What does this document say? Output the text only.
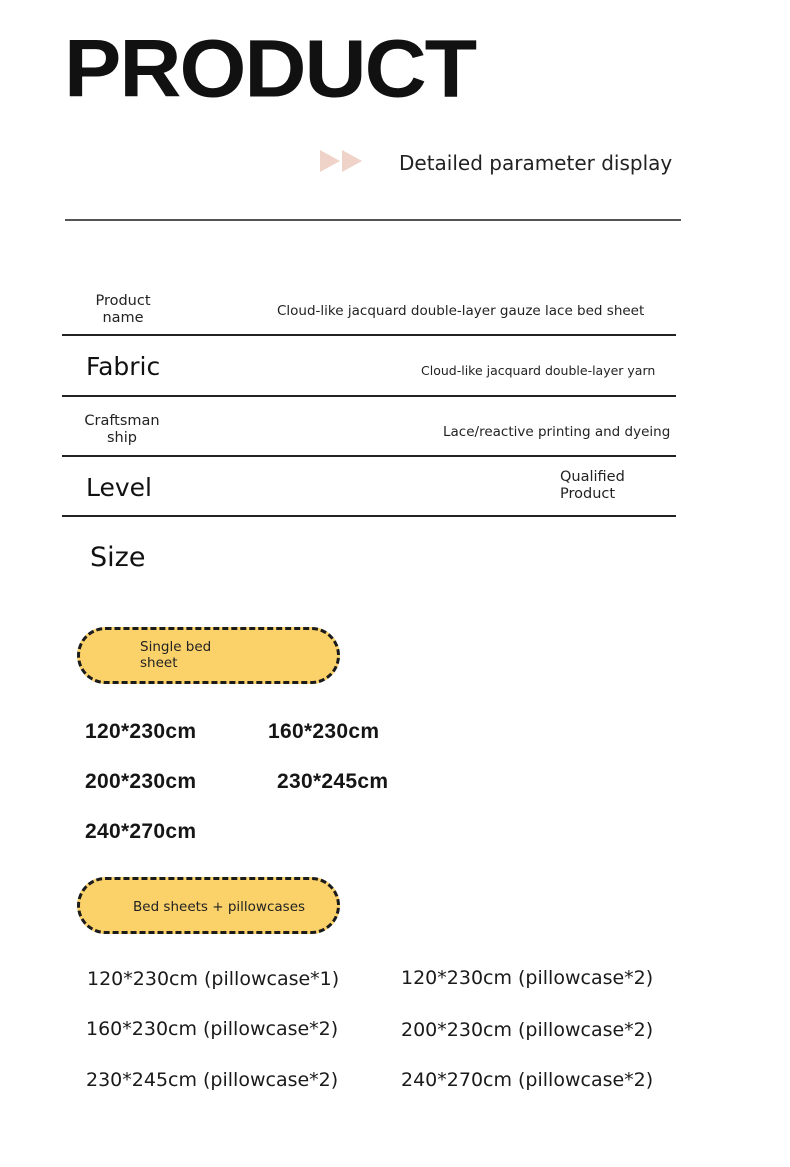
PRODUCT
Detailed parameter display
Product name	Cloud-like jacquard double-layer gauze lace bed sheet
Fabric	Cloud-like jacquard double-layer yarn
Craftsmanship	Lace/reactive printing and dyeing
Level	Qualified Product
Size
Single bed sheet
120*230cm	160*230cm
200*230cm	230*245cm
240*270cm
Bed sheets + pillowcases
120*230cm (pillowcase*1)	120*230cm (pillowcase*2)
160*230cm (pillowcase*2)	200*230cm (pillowcase*2)
230*245cm (pillowcase*2)	240*270cm (pillowcase*2)
